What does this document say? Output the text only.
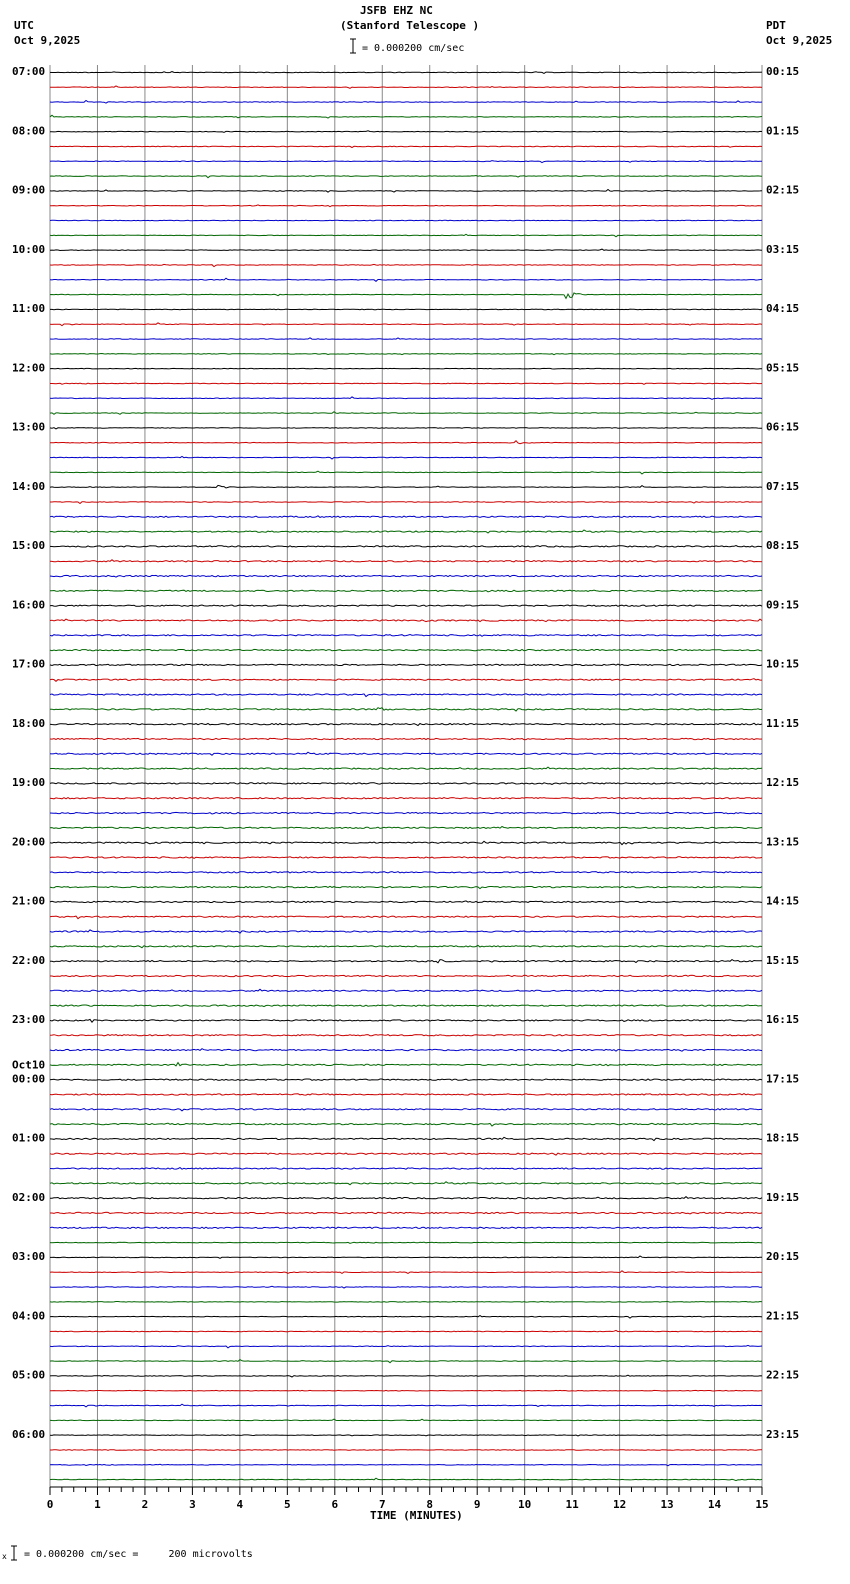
07:00
08:00
09:00
10:00
11:00
12:00
13:00
14:00
15:00
16:00
17:00
18:00
19:00
20:00
21:00
22:00
23:00
00:00
01:00
02:00
03:00
04:00
05:00
06:00
00:15
01:15
02:15
03:15
04:15
05:15
06:15
07:15
08:15
09:15
10:15
11:15
12:15
13:15
14:15
15:15
16:15
17:15
18:15
19:15
20:15
21:15
22:15
23:15
Oct10
0	1	2	3	4	5	6	7	8	9	10	11	12	13	14	15
JSFB EHZ NC
(Stanford Telescope )
UTC
Oct 9,2025
PDT
Oct 9,2025
= 0.000200 cm/sec
TIME (MINUTES)
x = 0.000200 cm/sec =     200 microvolts
